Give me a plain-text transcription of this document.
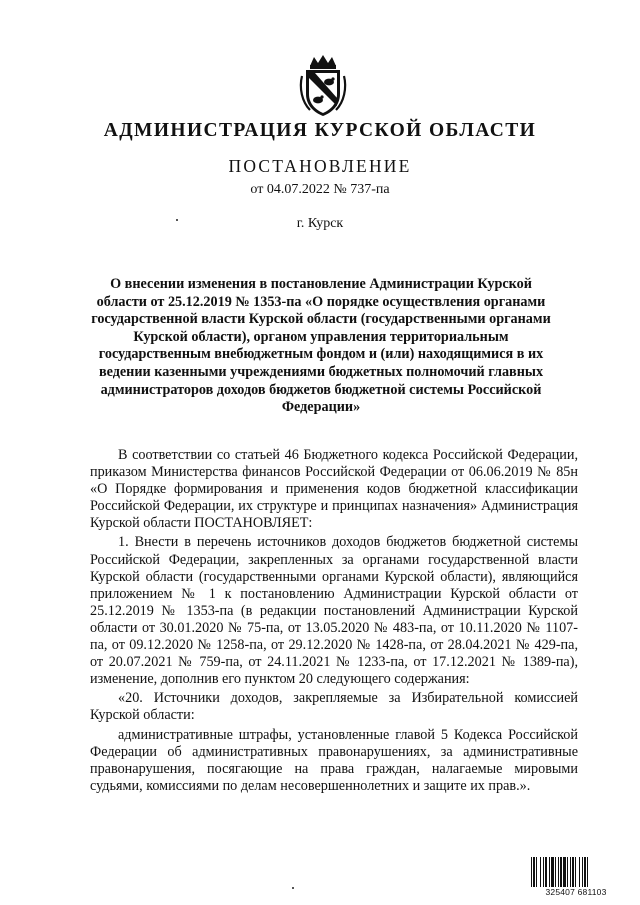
АДМИНИСТРАЦИЯ КУРСКОЙ ОБЛАСТИ
ПОСТАНОВЛЕНИЕ
от 04.07.2022 № 737-па
г. Курск
О внесении изменения в постановление Администрации Курской области от 25.12.2019 № 1353-па «О порядке осуществления органами государственной власти Курской области (государственными органами Курской области), органом управления территориальным государственным внебюджетным фондом и (или) находящимися в их ведении казенными учреждениями бюджетных полномочий главных администраторов доходов бюджетов бюджетной системы Российской Федерации»

В соответствии со статьей 46 Бюджетного кодекса Российской Федерации, приказом Министерства финансов Российской Федерации от 06.06.2019 № 85н «О Порядке формирования и применения кодов бюджетной классификации Российской Федерации, их структуре и принципах назначения» Администрация Курской области ПОСТАНОВЛЯЕТ:

1. Внести в перечень источников доходов бюджетов бюджетной системы Российской Федерации, закрепленных за органами государственной власти Курской области (государственными органами Курской области), являющийся приложением № 1 к постановлению Администрации Курской области от 25.12.2019 № 1353-па (в редакции постановлений Администрации Курской области от 30.01.2020 № 75-па, от 13.05.2020 № 483-па, от 10.11.2020 № 1107-па, от 09.12.2020 № 1258-па, от 29.12.2020 № 1428-па, от 28.04.2021 № 429-па, от 20.07.2021 № 759-па, от 24.11.2021 № 1233-па, от 17.12.2021 № 1389-па), изменение, дополнив его пунктом 20 следующего содержания:

«20. Источники доходов, закрепляемые за Избирательной комиссией Курской области:

административные штрафы, установленные главой 5 Кодекса Российской Федерации об административных правонарушениях, за административные правонарушения, посягающие на права граждан, налагаемые мировыми судьями, комиссиями по делам несовершеннолетних и защите их прав.».

325407 681103
